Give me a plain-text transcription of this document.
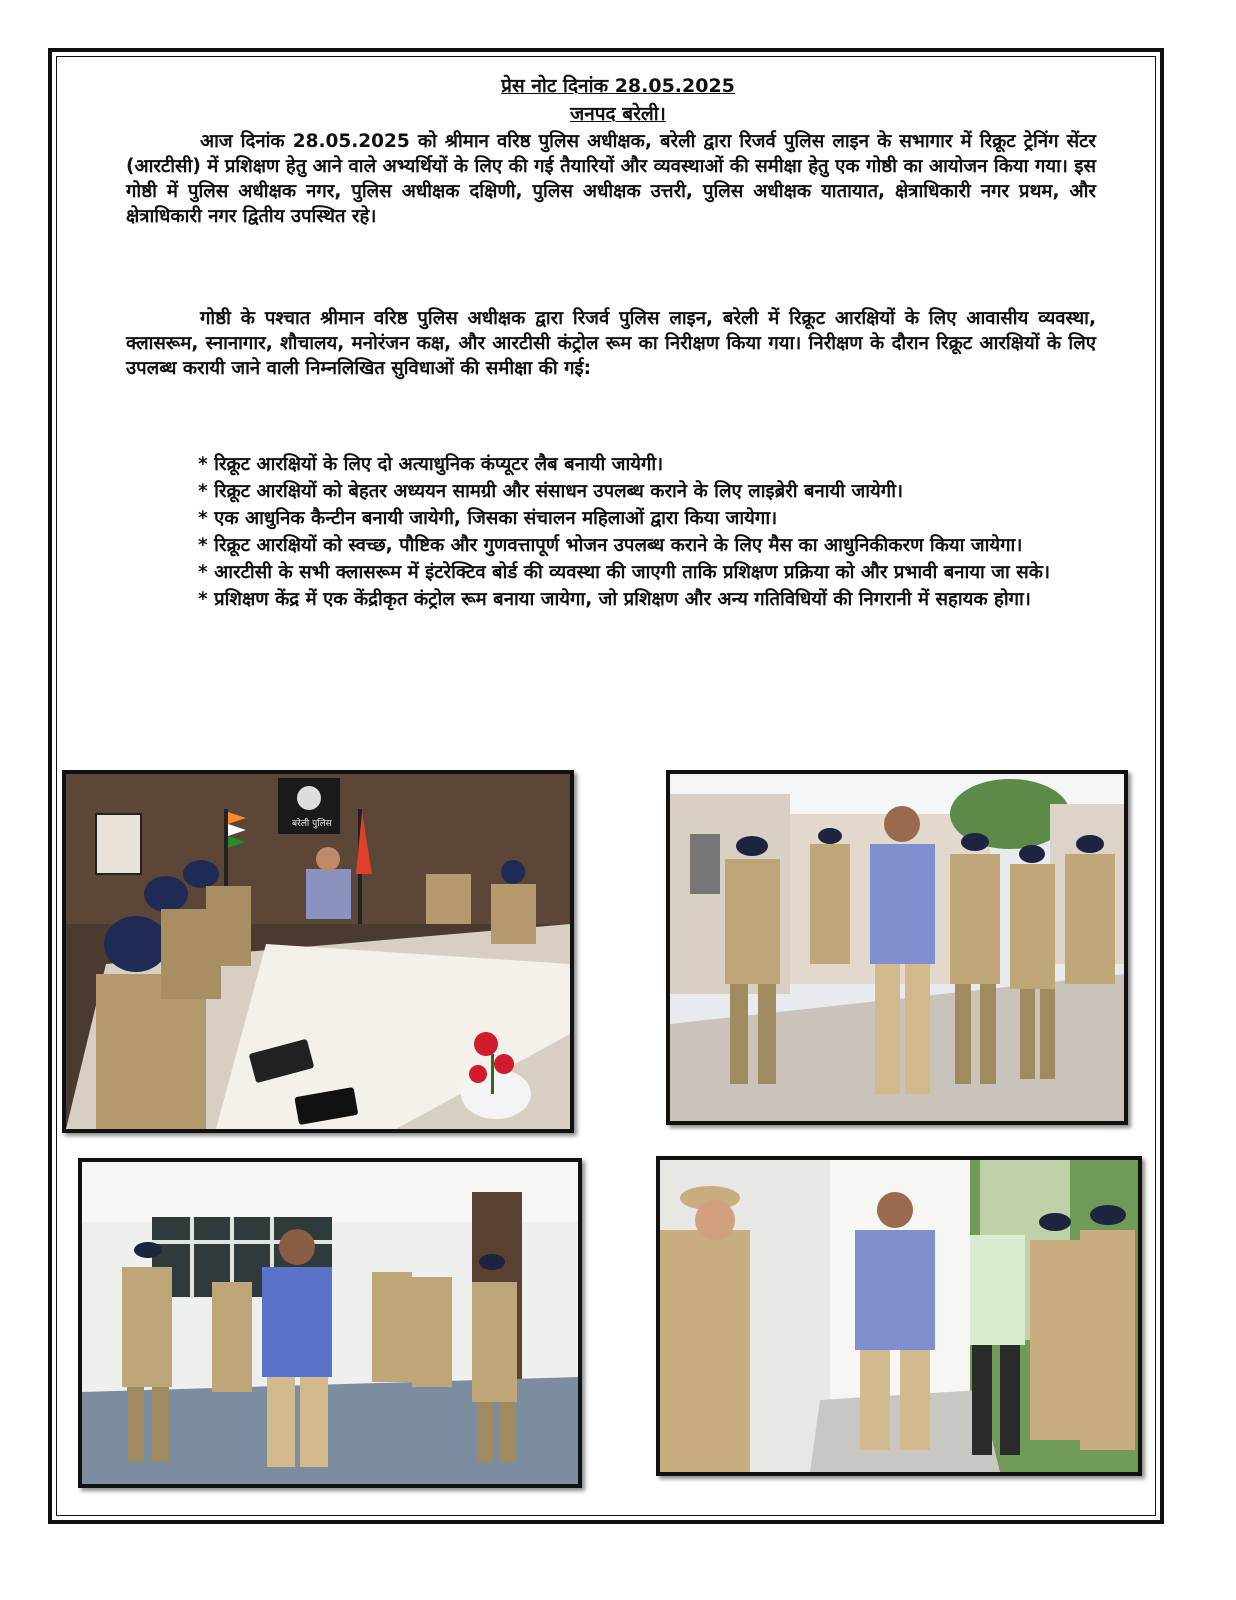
प्रेस नोट दिनांक 28.05.2025
जनपद बरेली।

आज दिनांक 28.05.2025 को श्रीमान वरिष्ठ पुलिस अधीक्षक, बरेली द्वारा रिजर्व पुलिस लाइन के सभागार में रिक्रूट ट्रेनिंग सेंटर (आरटीसी) में प्रशिक्षण हेतु आने वाले अभ्यर्थियों के लिए की गई तैयारियों और व्यवस्थाओं की समीक्षा हेतु एक गोष्ठी का आयोजन किया गया। इस गोष्ठी में पुलिस अधीक्षक नगर, पुलिस अधीक्षक दक्षिणी, पुलिस अधीक्षक उत्तरी, पुलिस अधीक्षक यातायात, क्षेत्राधिकारी नगर प्रथम, और क्षेत्राधिकारी नगर द्वितीय उपस्थित रहे।

गोष्ठी के पश्चात श्रीमान वरिष्ठ पुलिस अधीक्षक द्वारा रिजर्व पुलिस लाइन, बरेली में रिक्रूट आरक्षियों के लिए आवासीय व्यवस्था, क्लासरूम, स्नानागार, शौचालय, मनोरंजन कक्ष, और आरटीसी कंट्रोल रूम का निरीक्षण किया गया। निरीक्षण के दौरान रिक्रूट आरक्षियों के लिए उपलब्ध करायी जाने वाली निम्नलिखित सुविधाओं की समीक्षा की गई:

* रिक्रूट आरक्षियों के लिए दो अत्याधुनिक कंप्यूटर लैब बनायी जायेगी।
* रिक्रूट आरक्षियों को बेहतर अध्ययन सामग्री और संसाधन उपलब्ध कराने के लिए लाइब्रेरी बनायी जायेगी।
* एक आधुनिक कैन्टीन बनायी जायेगी, जिसका संचालन महिलाओं द्वारा किया जायेगा।
* रिक्रूट आरक्षियों को स्वच्छ, पौष्टिक और गुणवत्तापूर्ण भोजन उपलब्ध कराने के लिए मैस का आधुनिकीकरण किया जायेगा।
* आरटीसी के सभी क्लासरूम में इंटरेक्टिव बोर्ड की व्यवस्था की जाएगी ताकि प्रशिक्षण प्रक्रिया को और प्रभावी बनाया जा सके।
* प्रशिक्षण केंद्र में एक केंद्रीकृत कंट्रोल रूम बनाया जायेगा, जो प्रशिक्षण और अन्य गतिविधियों की निगरानी में सहायक होगा।
बरेली पुलिस
